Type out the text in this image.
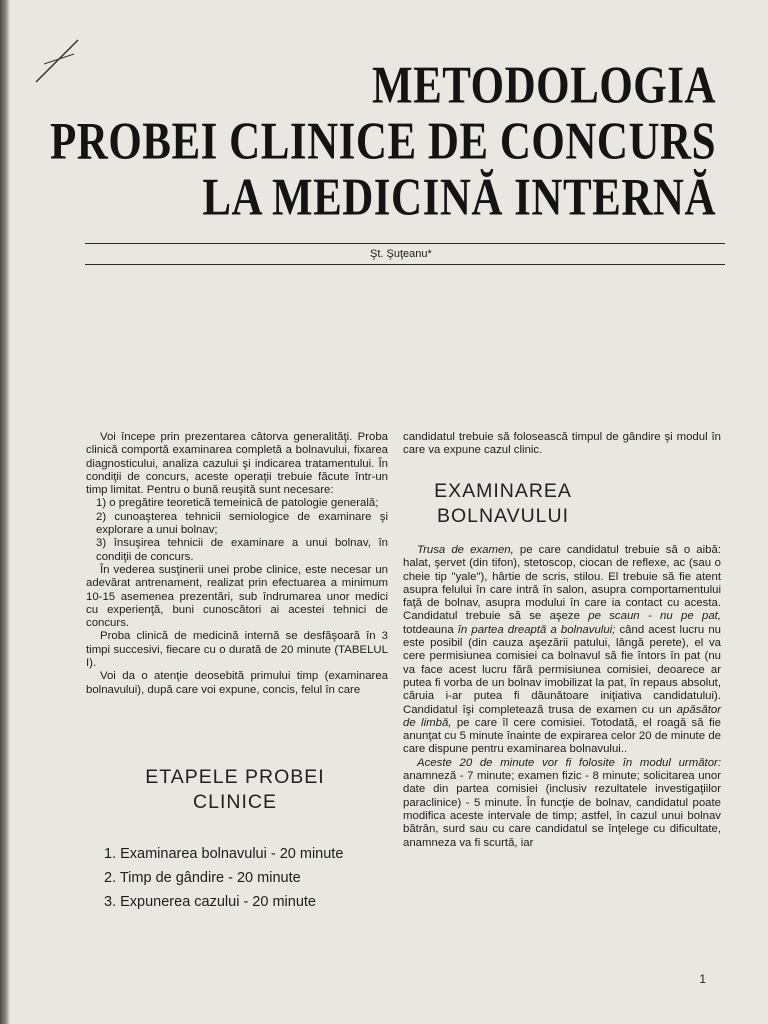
METODOLOGIA
PROBEI CLINICE DE CONCURS
LA MEDICINĂ INTERNĂ
Şt. Şuţeanu*

Voi începe prin prezentarea câtorva generalităţi. Proba clinică comportă examinarea completă a bolnavului, fixarea diagnosticului, analiza cazului şi indicarea tratamentului. În condiţii de concurs, aceste operaţii trebuie făcute într-un timp limitat. Pentru o bună reuşită sunt necesare:

1) o pregătire teoretică temeinică de patologie generală;

2) cunoaşterea tehnicii semiologice de examinare şi explorare a unui bolnav;

3) însuşirea tehnicii de examinare a unui bolnav, în condiţii de concurs.

În vederea susţinerii unei probe clinice, este necesar un adevărat antrenament, realizat prin efectuarea a minimum 10-15 asemenea prezentări, sub îndrumarea unor medici cu experienţă, buni cunoscători ai acestei tehnici de concurs.

Proba clinică de medicină internă se desfăşoară în 3 timpi succesivi, fiecare cu o durată de 20 minute (TABELUL I).

Voi da o atenţie deosebită primului timp (examinarea bolnavului), după care voi expune, concis, felul în care

ETAPELE PROBEI
CLINICE
1. Examinarea bolnavului - 20 minute
2. Timp de gândire - 20 minute
3. Expunerea cazului - 20 minute

candidatul trebuie să folosească timpul de gândire şi modul în care va expune cazul clinic.

EXAMINAREA
BOLNAVULUI

Trusa de examen, pe care candidatul trebuie să o aibă: halat, şervet (din tifon), stetoscop, ciocan de reflexe, ac (sau o cheie tip "yale"), hârtie de scris, stilou. El trebuie să fie atent asupra felului în care intră în salon, asupra comportamentului faţă de bolnav, asupra modului în care ia contact cu acesta. Candidatul trebuie să se aşeze pe scaun - nu pe pat, totdeauna în partea dreaptă a bolnavului; când acest lucru nu este posibil (din cauza aşezării patului, lângă perete), el va cere permisiunea comisiei ca bolnavul să fie întors în pat (nu va face acest lucru fără permisiunea comisiei, deoarece ar putea fi vorba de un bolnav imobilizat la pat, în repaus absolut, căruia i-ar putea fi dăunătoare iniţiativa candidatului). Candidatul îşi completează trusa de examen cu un apăsător de limbă, pe care îl cere comisiei. Totodată, el roagă să fie anunţat cu 5 minute înainte de expirarea celor 20 de minute de care dispune pentru examinarea bolnavului..

Aceste 20 de minute vor fi folosite în modul următor: anamneză - 7 minute; examen fizic - 8 minute; solicitarea unor date din partea comisiei (inclusiv rezultatele investigaţiilor paraclinice) - 5 minute. În funcţie de bolnav, candidatul poate modifica aceste intervale de timp; astfel, în cazul unui bolnav bătrân, surd sau cu care candidatul se înţelege cu dificultate, anamneza va fi scurtă, iar

1
